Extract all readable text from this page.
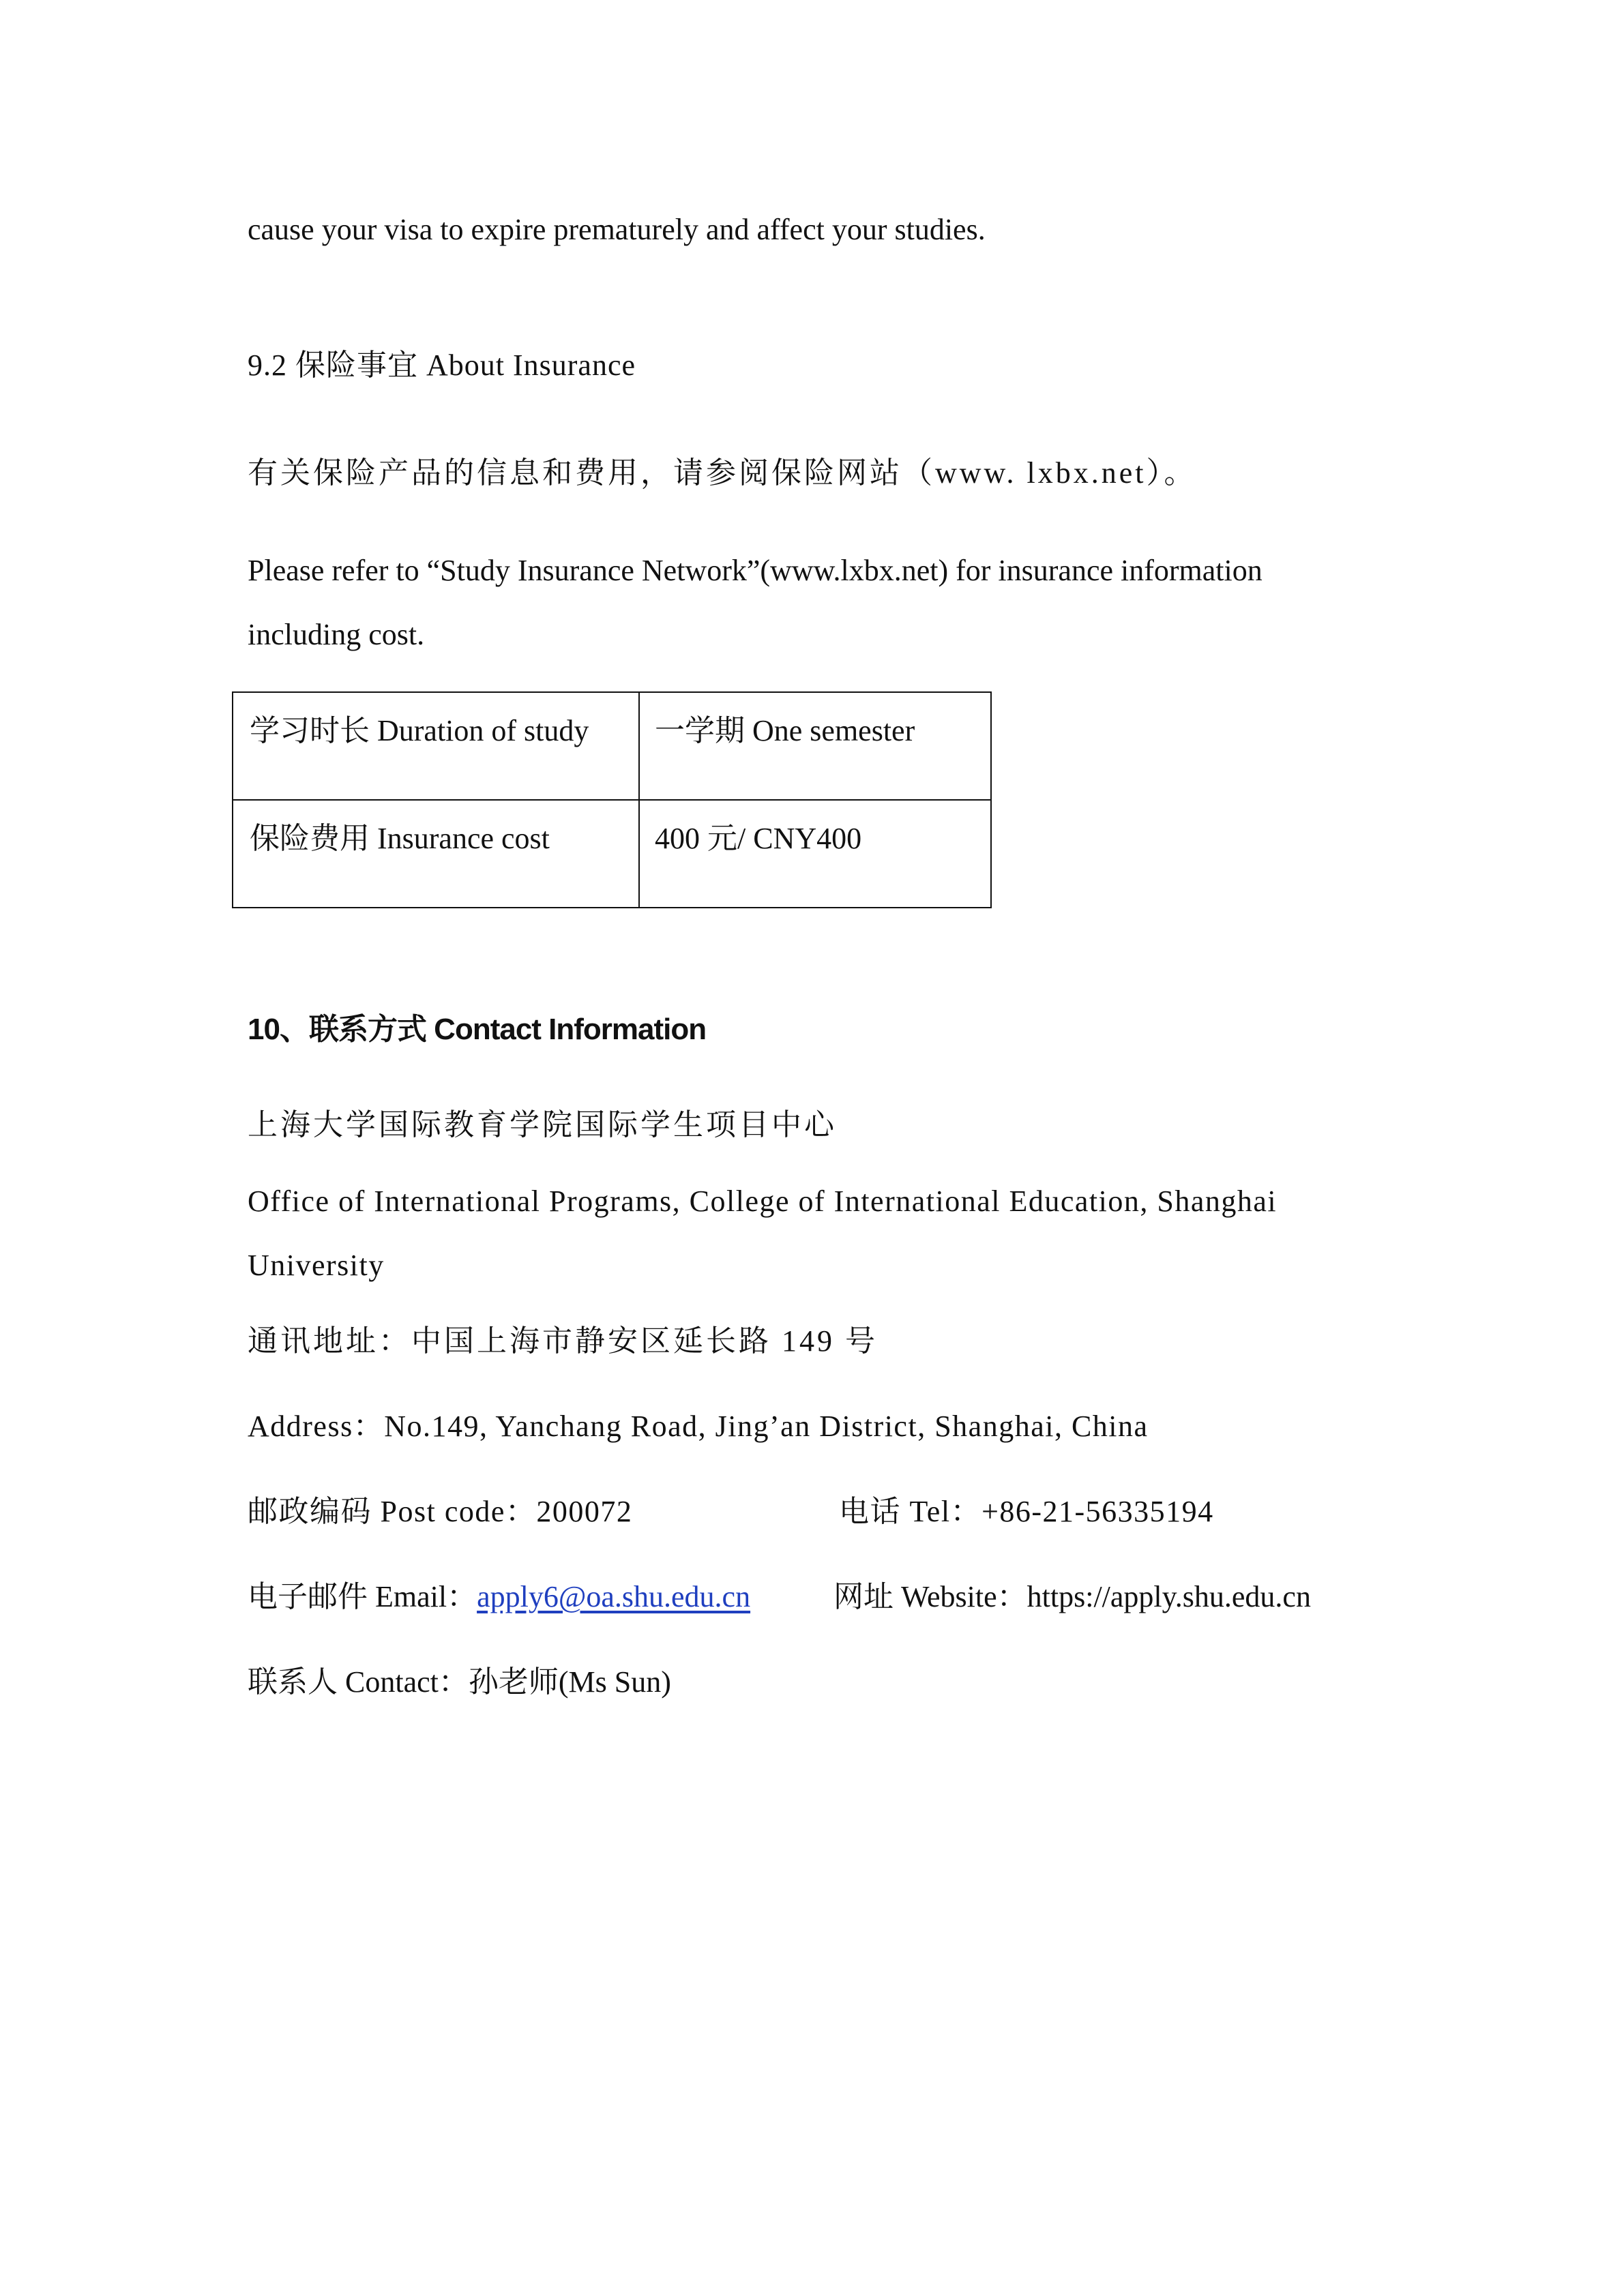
cause your visa to expire prematurely and affect your studies.
9.2 保险事宜 About Insurance
有关保险产品的信息和费用，请参阅保险网站（www. lxbx.net）。
Please refer to “Study Insurance Network”(www.lxbx.net) for insurance information
including cost.
学习时长 Duration of study	一学期 One semester
保险费用 Insurance cost	400 元/ CNY400
10、联系方式 Contact Information
上海大学国际教育学院国际学生项目中心
Office of International Programs, College of International Education, Shanghai
University
通讯地址：中国上海市静安区延长路 149 号
Address：No.149, Yanchang Road, Jing’an District, Shanghai, China
邮政编码 Post code：200072	电话 Tel：+86-21-56335194
电子邮件 Email：apply6@oa.shu.edu.cn	网址 Website：https://apply.shu.edu.cn
联系人 Contact：孙老师(Ms Sun)
